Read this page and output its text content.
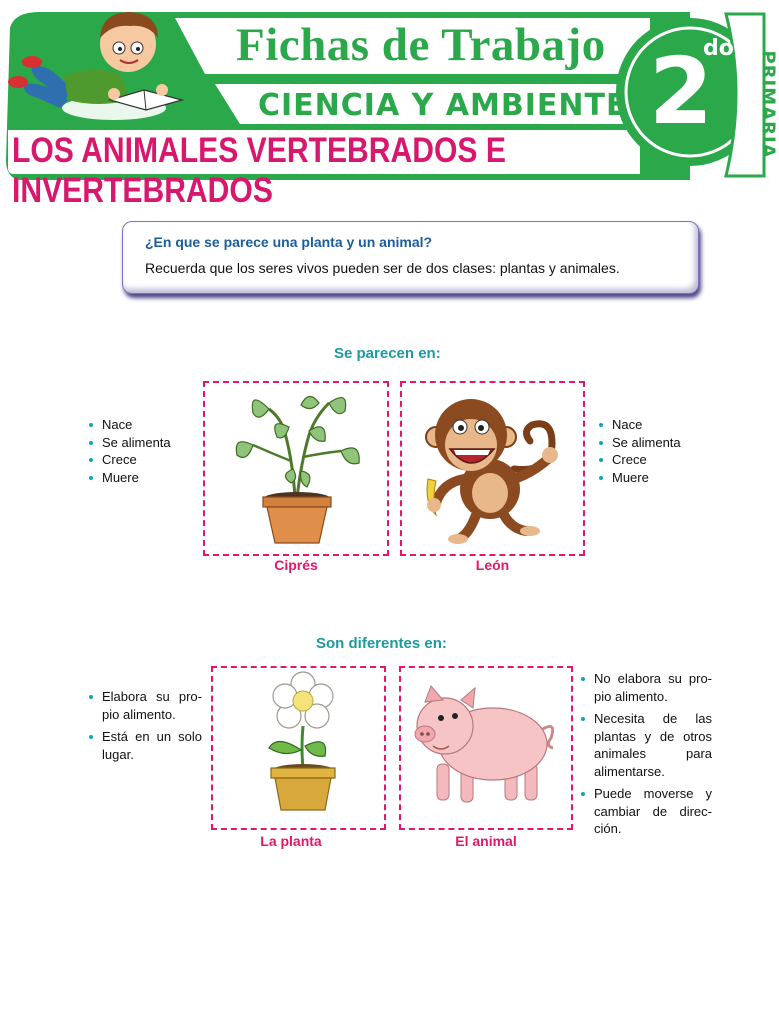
Fichas de Trabajo
CIENCIA Y AMBIENTE
LOS ANIMALES VERTEBRADOS E INVERTEBRADOS
2
do
PRIMARIA
¿En que se parece una planta y un animal?
Recuerda que los seres vivos pueden ser de dos clases: plantas y animales.
Se parecen en:
Nace
Se alimenta
Crece
Muere
Ciprés	León
Nace
Se alimenta
Crece
Muere
Son diferentes en:
Elabora su pro-pio alimento.
Está en un solo lugar.
La planta	El animal
No elabora su pro-pio alimento.
Necesita de las plantas y de otros animales para alimentarse.
Puede moverse y cambiar de direc-ción.
